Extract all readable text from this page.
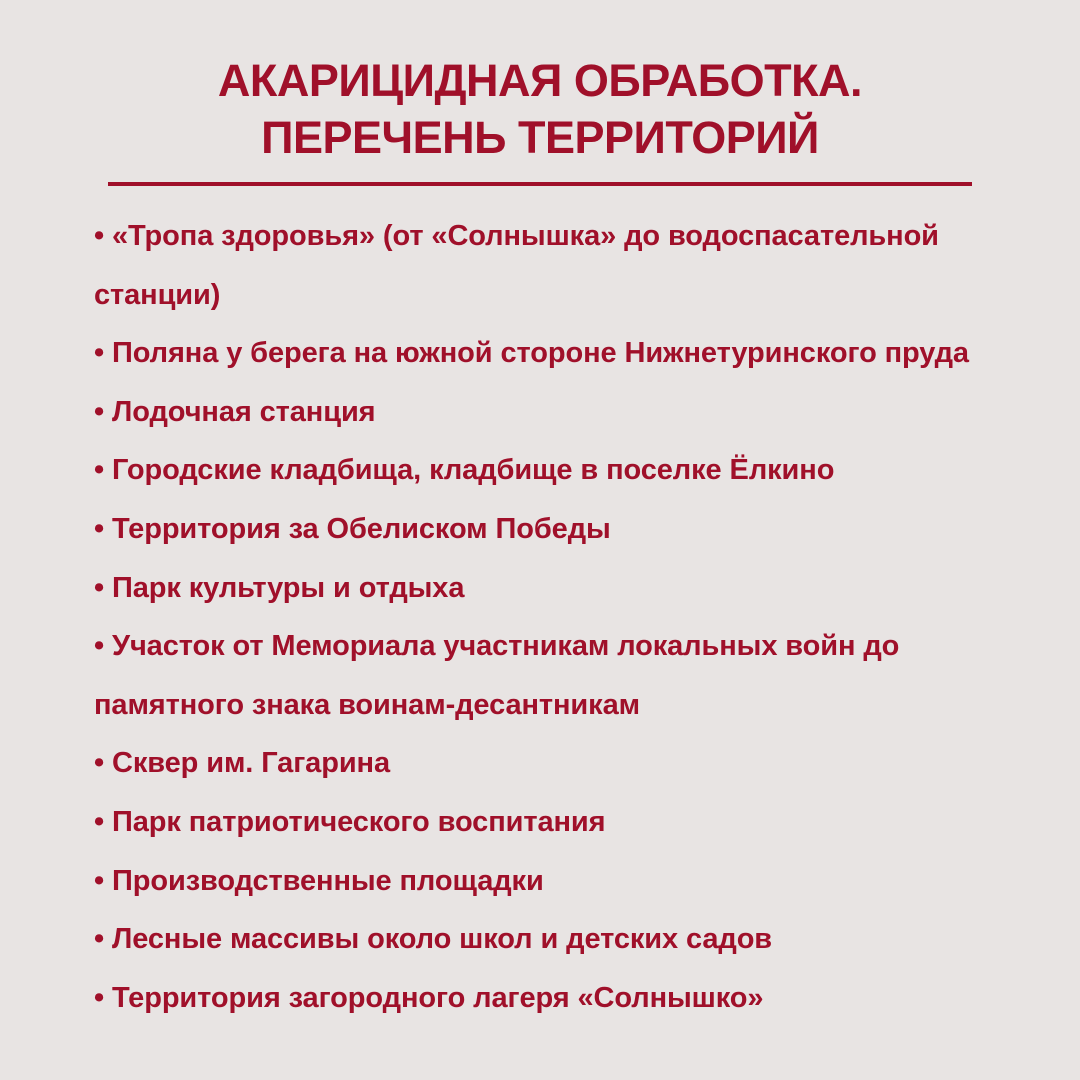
АКАРИЦИДНАЯ ОБРАБОТКА.
ПЕРЕЧЕНЬ ТЕРРИТОРИЙ
• «Тропа здоровья» (от «Солнышка» до водоспасательной станции)
• Поляна у берега на южной стороне Нижнетуринского пруда
• Лодочная станция
• Городские кладбища, кладбище в поселке Ёлкино
• Территория за Обелиском Победы
• Парк культуры и отдыха
• Участок от Мемориала участникам локальных войн до памятного знака воинам-десантникам
• Сквер им. Гагарина
• Парк патриотического воспитания
• Производственные площадки
• Лесные массивы около школ и детских садов
• Территория загородного лагеря «Солнышко»
